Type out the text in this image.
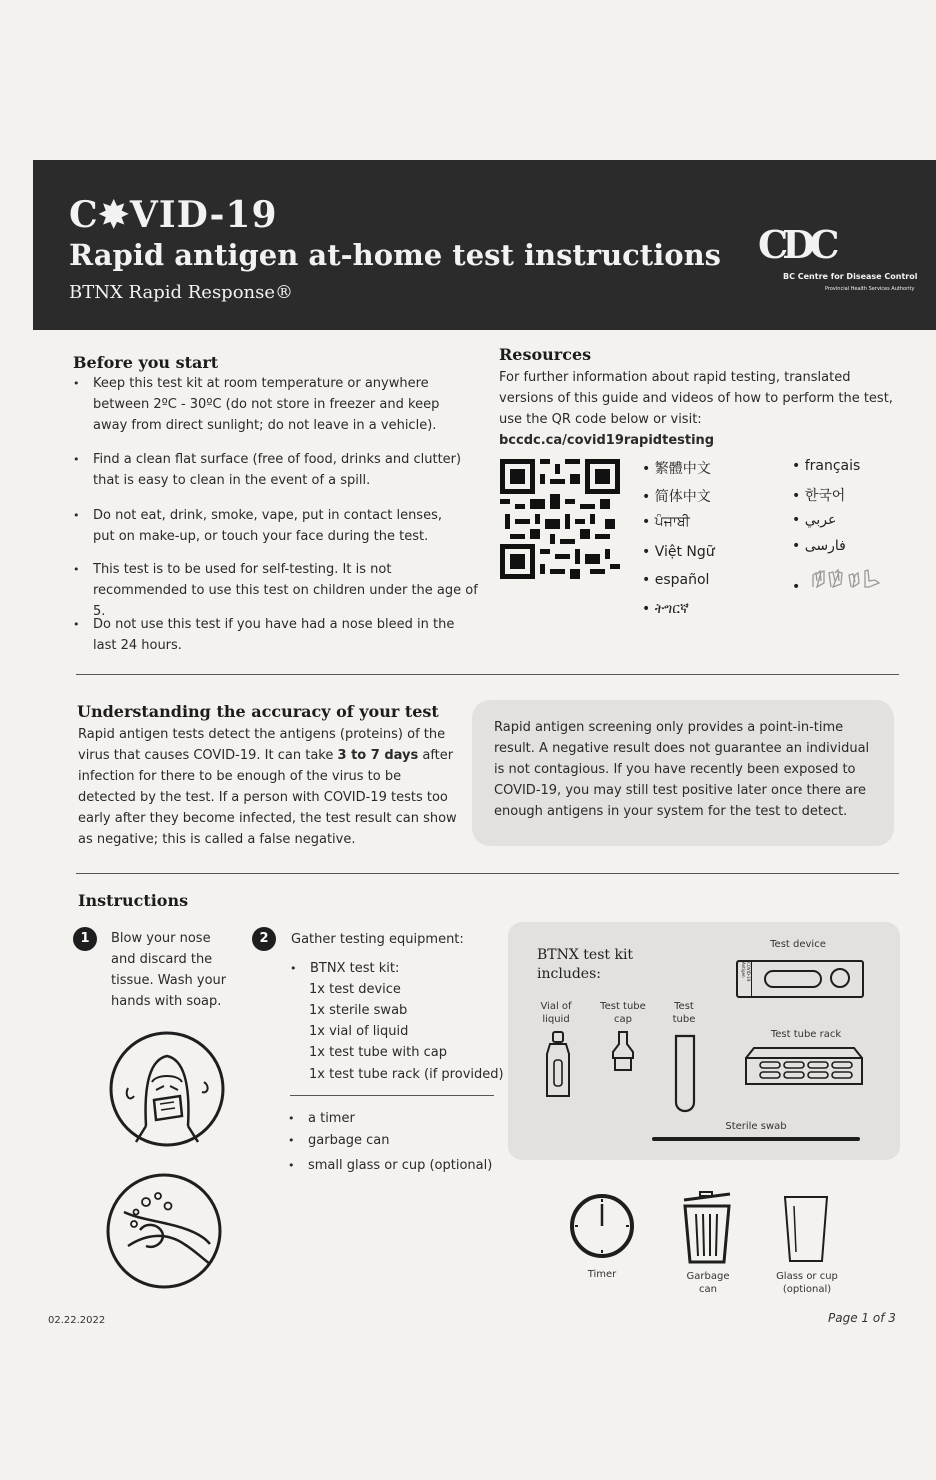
C✸VID-19
Rapid antigen at-home test instructions
BTNX Rapid Response®
CDC
BC Centre for Disease Control
Provincial Health Services Authority
Before you start
• Keep this test kit at room temperature or anywhere between 2ºC - 30ºC (do not store in freezer and keep away from direct sunlight; do not leave in a vehicle).
• Find a clean flat surface (free of food, drinks and clutter) that is easy to clean in the event of a spill.
• Do not eat, drink, smoke, vape, put in contact lenses, put on make-up, or touch your face during the test.
• This test is to be used for self-testing. It is not recommended to use this test on children under the age of 5.
• Do not use this test if you have had a nose bleed in the last 24 hours.
Resources
For further information about rapid testing, translated versions of this guide and videos of how to perform the test, use the QR code below or visit: bccdc.ca/covid19rapidtesting
• 繁體中文
• 简体中文
• ਪੰਜਾਬੀ
• Việt Ngữ
• español
• ትግርኛ
• français
• 한국어
• عربي
• فارسی
•
Understanding the accuracy of your test
Rapid antigen tests detect the antigens (proteins) of the virus that causes COVID-19. It can take 3 to 7 days after infection for there to be enough of the virus to be detected by the test. If a person with COVID-19 tests too early after they become infected, the test result can show as negative; this is called a false negative.
Rapid antigen screening only provides a point-in-time result. A negative result does not guarantee an individual is not contagious. If you have recently been exposed to COVID-19, you may still test positive later once there are enough antigens in your system for the test to detect.
Instructions
1	Blow your nose and discard the tissue. Wash your hands with soap.
2	Gather testing equipment:
• BTNX test kit:
1x test device
1x sterile swab
1x vial of liquid
1x test tube with cap
1x test tube rack (if provided)
• a timer
• garbage can
• small glass or cup (optional)
BTNX test kit includes:
Vial of liquid
Test tube cap
Test tube
Test device
COVID-19 Antigen
Test tube rack
Sterile swab
Timer	Garbage can
Glass or cup (optional)
02.22.2022	Page 1 of 3
